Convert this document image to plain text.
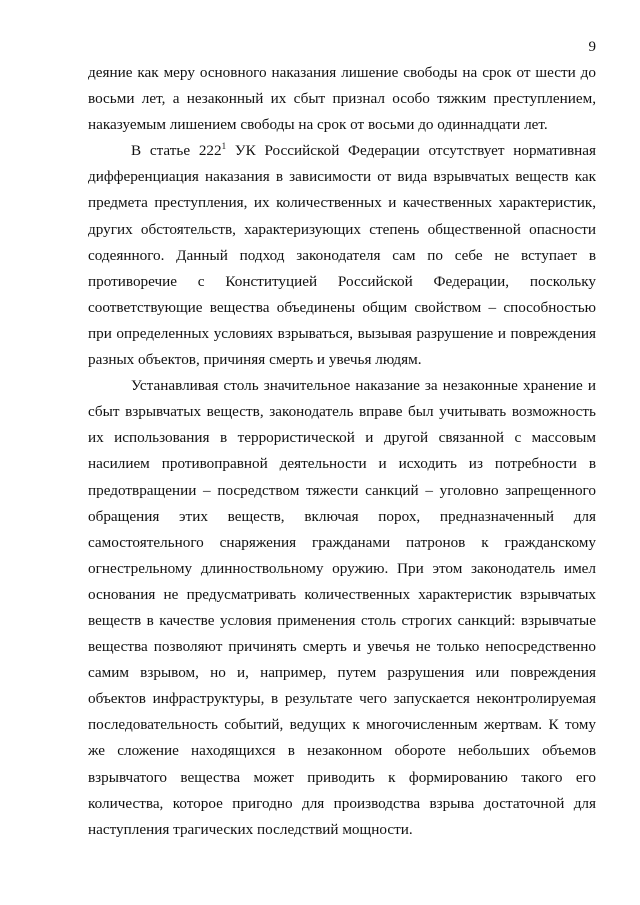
9
деяние как меру основного наказания лишение свободы на срок от шести до
восьми лет, а незаконный их сбыт признал особо тяжким преступлением,
наказуемым лишением свободы на срок от восьми до одиннадцати лет.
В статье $222^1$ УК Российской Федерации отсутствует нормативная
дифференциация наказания в зависимости от вида взрывчатых веществ как
предмета преступления, их количественных и качественных характеристик,
других обстоятельств, характеризующих степень общественной опасности
содеянного. Данный подход законодателя сам по себе не вступает в
противоречие с Конституцией Российской Федерации, поскольку
соответствующие вещества объединены общим свойством – способностью
при определенных условиях взрываться, вызывая разрушение и повреждения
разных объектов, причиняя смерть и увечья людям.
Устанавливая столь значительное наказание за незаконные хранение и
сбыт взрывчатых веществ, законодатель вправе был учитывать возможность
их использования в террористической и другой связанной с массовым
насилием противоправной деятельности и исходить из потребности в
предотвращении – посредством тяжести санкций – уголовно запрещенного
обращения этих веществ, включая порох, предназначенный для
самостоятельного снаряжения гражданами патронов к гражданскому
огнестрельному длинноствольному оружию. При этом законодатель имел
основания не предусматривать количественных характеристик взрывчатых
веществ в качестве условия применения столь строгих санкций: взрывчатые
вещества позволяют причинять смерть и увечья не только непосредственно
самим взрывом, но и, например, путем разрушения или повреждения
объектов инфраструктуры, в результате чего запускается неконтролируемая
последовательность событий, ведущих к многочисленным жертвам. К тому
же сложение находящихся в незаконном обороте небольших объемов
взрывчатого вещества может приводить к формированию такого его
количества, которое пригодно для производства взрыва достаточной для
наступления трагических последствий мощности.
